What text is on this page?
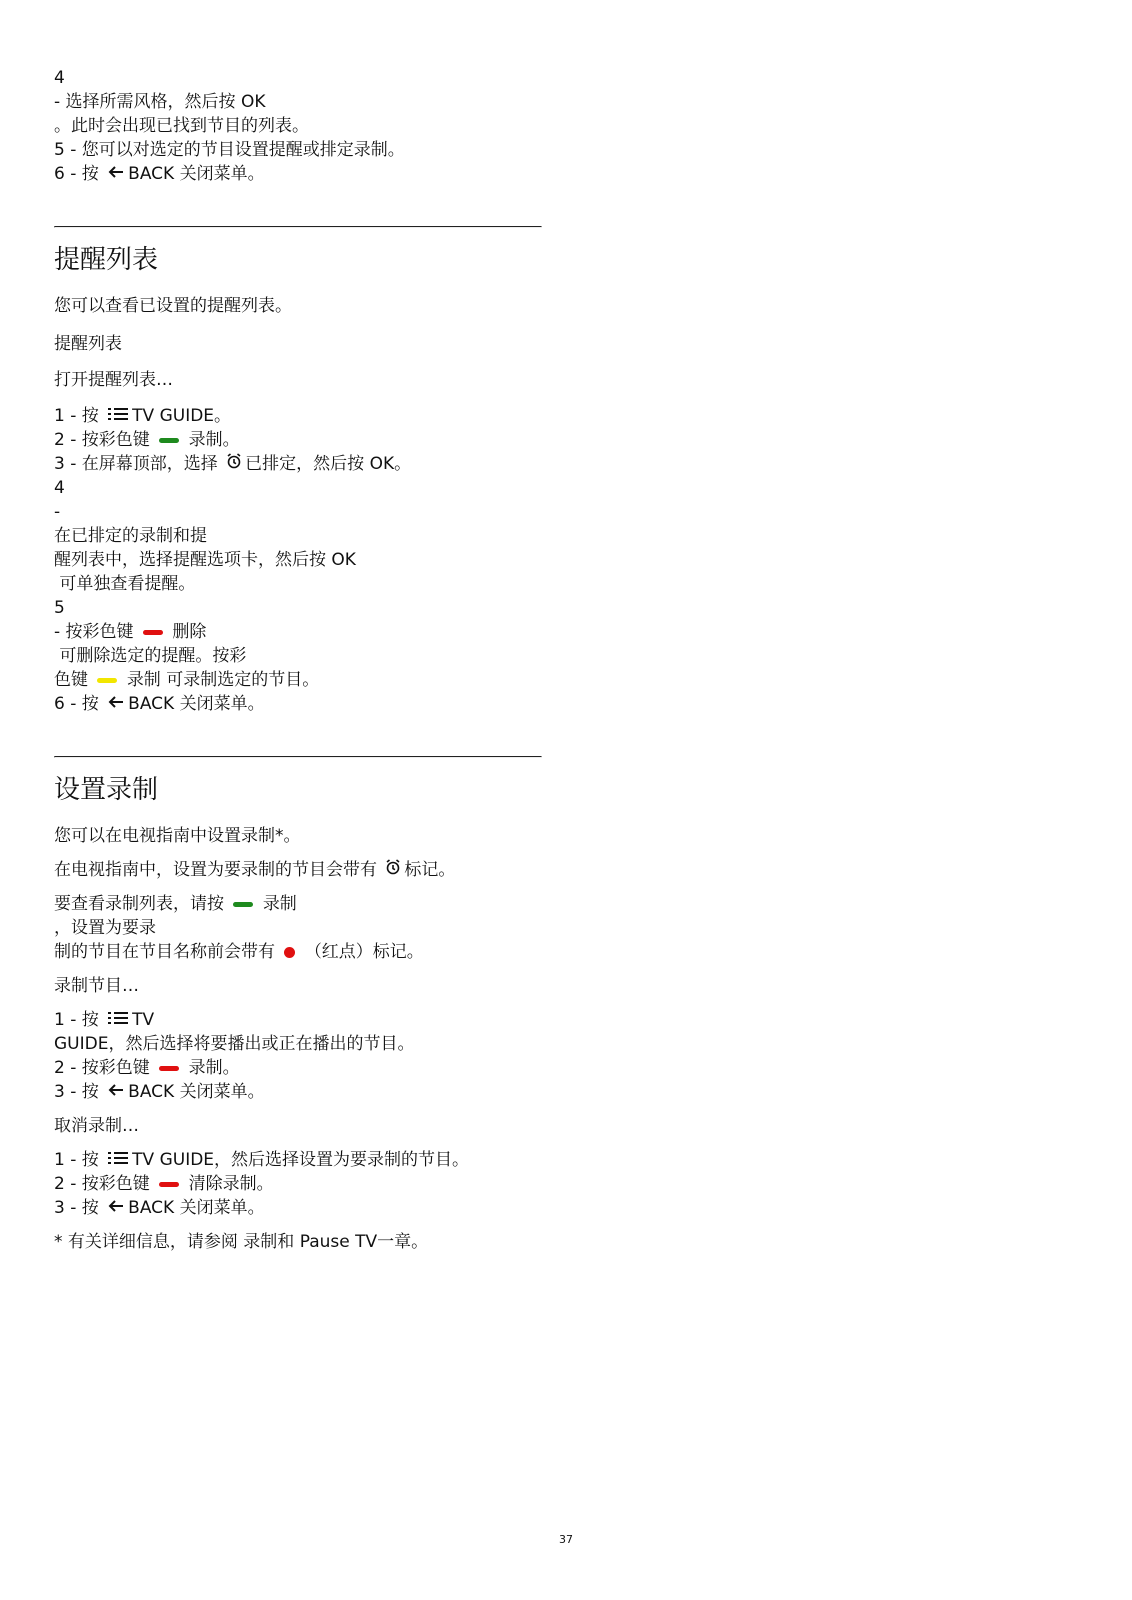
4
- 选择所需风格，然后按 OK
。此时会出现已找到节目的列表。
5 - 您可以对选定的节目设置提醒或排定录制。
6 - 按 BACK 关闭菜单。
提醒列表
您可以查看已设置的提醒列表。
提醒列表
打开提醒列表…
1 - 按 TV GUIDE。
2 - 按彩色键 录制。
3 - 在屏幕顶部，选择 已排定，然后按 OK。
4
-
在已排定的录制和提
醒列表中，选择提醒选项卡，然后按 OK
可单独查看提醒。
5
- 按彩色键 删除
可删除选定的提醒。按彩
色键 录制 可录制选定的节目。
6 - 按 BACK 关闭菜单。
设置录制
您可以在电视指南中设置录制*。
在电视指南中，设置为要录制的节目会带有 标记。
要查看录制列表，请按 录制
，设置为要录
制的节目在节目名称前会带有 （红点）标记。
录制节目…
1 - 按 TV
GUIDE，然后选择将要播出或正在播出的节目。
2 - 按彩色键 录制。
3 - 按 BACK 关闭菜单。
取消录制…
1 - 按 TV GUIDE，然后选择设置为要录制的节目。
2 - 按彩色键 清除录制。
3 - 按 BACK 关闭菜单。
* 有关详细信息，请参阅 录制和 Pause TV一章。
37
